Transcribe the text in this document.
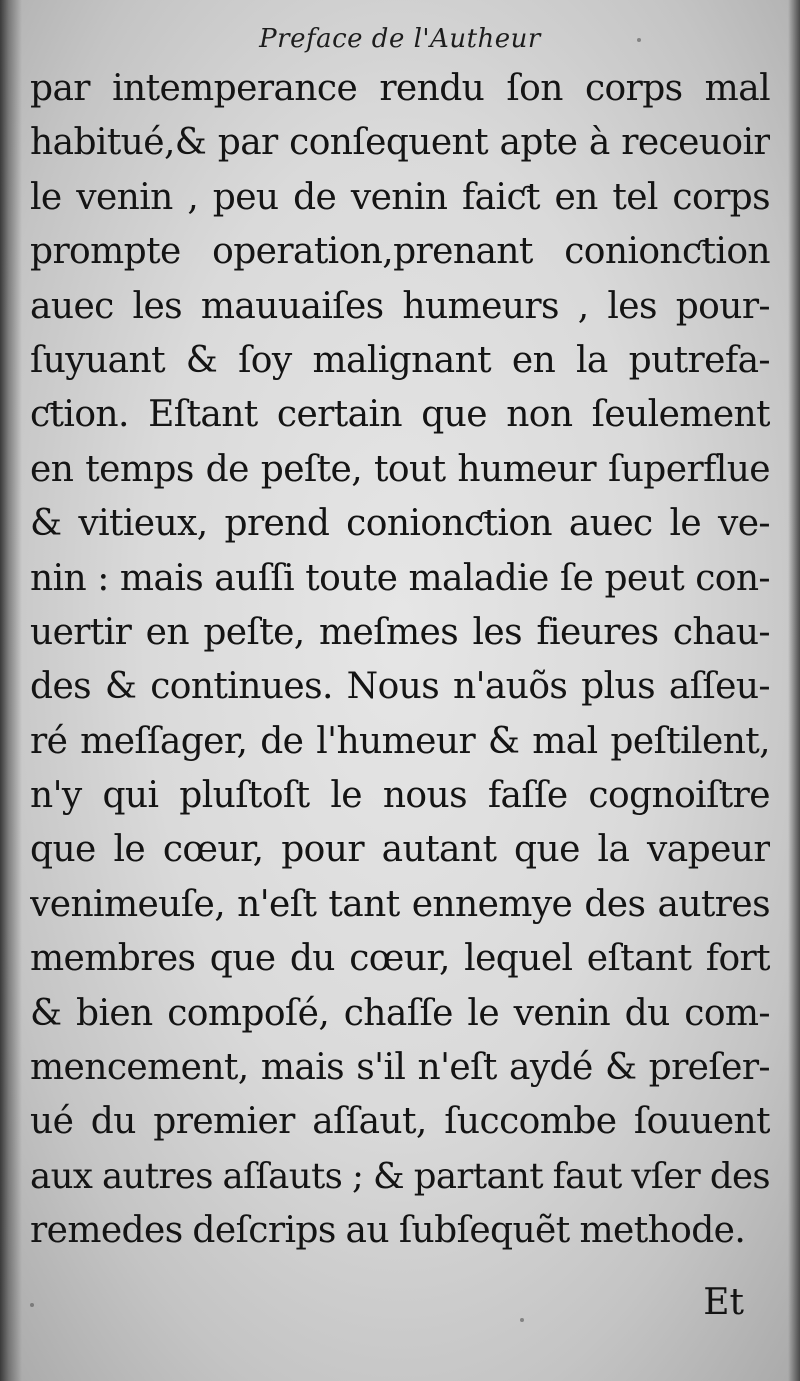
Preface de l'Autheur
par intemperance rendu ſon corps mal
habitué,& par conſequent apte à receuoir
le venin , peu de venin faiƈt en tel corps
prompte operation,prenant conionƈtion
auec les mauuaiſes humeurs , les pour-
ſuyuant & ſoy malignant en la putrefa-
ƈtion. Eſtant certain que non ſeulement
en temps de peſte, tout humeur ſuperflue
& vitieux, prend conionƈtion auec le ve-
nin : mais auſſi toute maladie ſe peut con-
uertir en peſte, meſmes les fieures chau-
des & continues. Nous n'auõs plus aſſeu-
ré meſſager, de l'humeur & mal peſtilent,
n'y qui pluſtoſt le nous faſſe cognoiſtre
que le cœur, pour autant que la vapeur
venimeuſe, n'eſt tant ennemye des autres
membres que du cœur, lequel eſtant fort
& bien compoſé, chaſſe le venin du com-
mencement, mais s'il n'eſt aydé & preſer-
ué du premier aſſaut, ſuccombe ſouuent
aux autres aſſauts ; & partant faut vſer des
remedes deſcrips au ſubſequẽt methode.
Et
